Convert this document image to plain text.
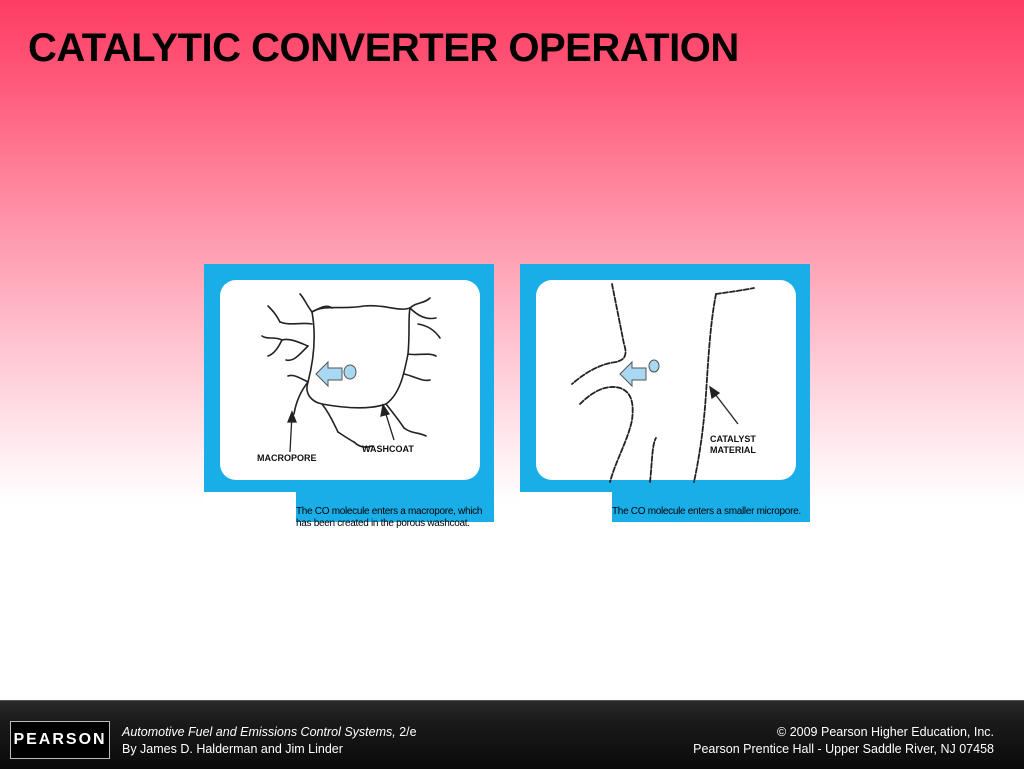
CATALYTIC CONVERTER OPERATION
MACROPORE
WASHCOAT
STEP 5 The CO molecule enters a macropore, which has been created in the porous washcoat.
CATALYST
MATERIAL
STEP 6 The CO molecule enters a smaller micropore.
PEARSON Automotive Fuel and Emissions Control Systems, 2/e
By James D. Halderman and Jim Linder
© 2009 Pearson Higher Education, Inc.
Pearson Prentice Hall - Upper Saddle River, NJ 07458
